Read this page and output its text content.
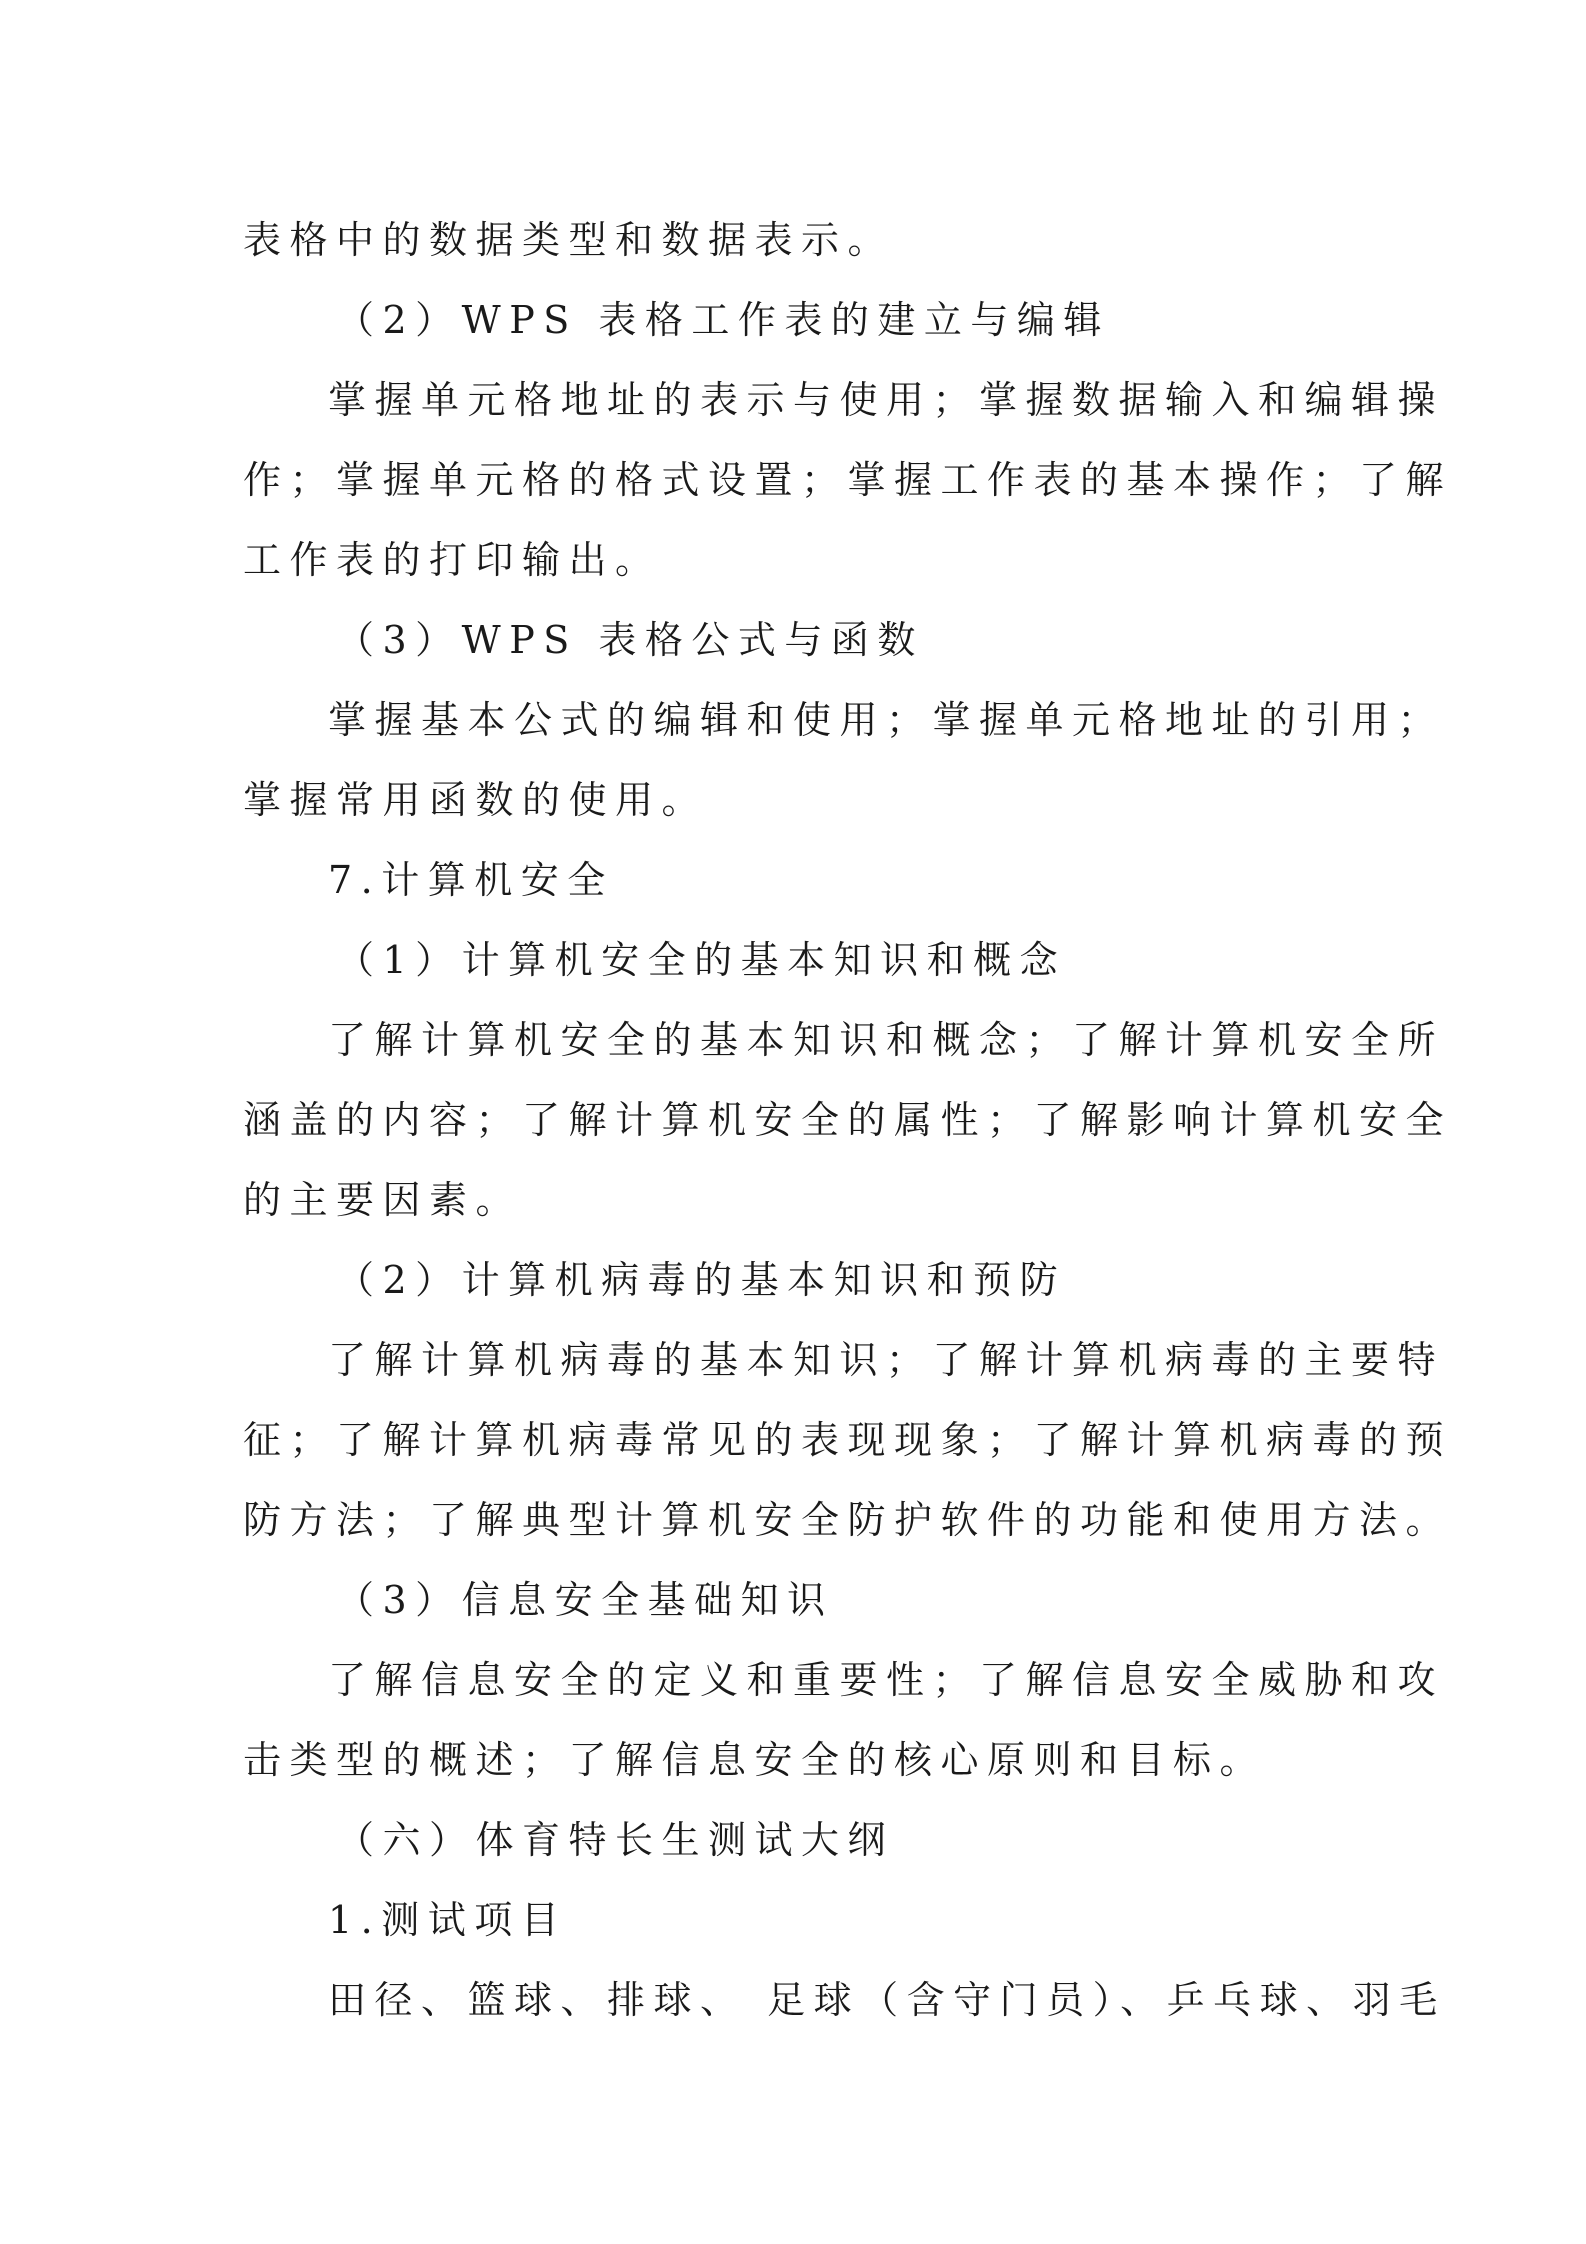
表格中的数据类型和数据表示。
（2）WPS 表格工作表的建立与编辑
掌握单元格地址的表示与使用；掌握数据输入和编辑操
作；掌握单元格的格式设置；掌握工作表的基本操作；了解
工作表的打印输出。
（3）WPS 表格公式与函数
掌握基本公式的编辑和使用；掌握单元格地址的引用；
掌握常用函数的使用。
7.计算机安全
（1）计算机安全的基本知识和概念
了解计算机安全的基本知识和概念；了解计算机安全所
涵盖的内容；了解计算机安全的属性；了解影响计算机安全
的主要因素。
（2）计算机病毒的基本知识和预防
了解计算机病毒的基本知识；了解计算机病毒的主要特
征；了解计算机病毒常见的表现现象；了解计算机病毒的预
防方法；了解典型计算机安全防护软件的功能和使用方法。
（3）信息安全基础知识
了解信息安全的定义和重要性；了解信息安全威胁和攻
击类型的概述；了解信息安全的核心原则和目标。
（六）体育特长生测试大纲
1.测试项目
田径、篮球、排球、 足球（含守门员）、乒乓球、羽毛
